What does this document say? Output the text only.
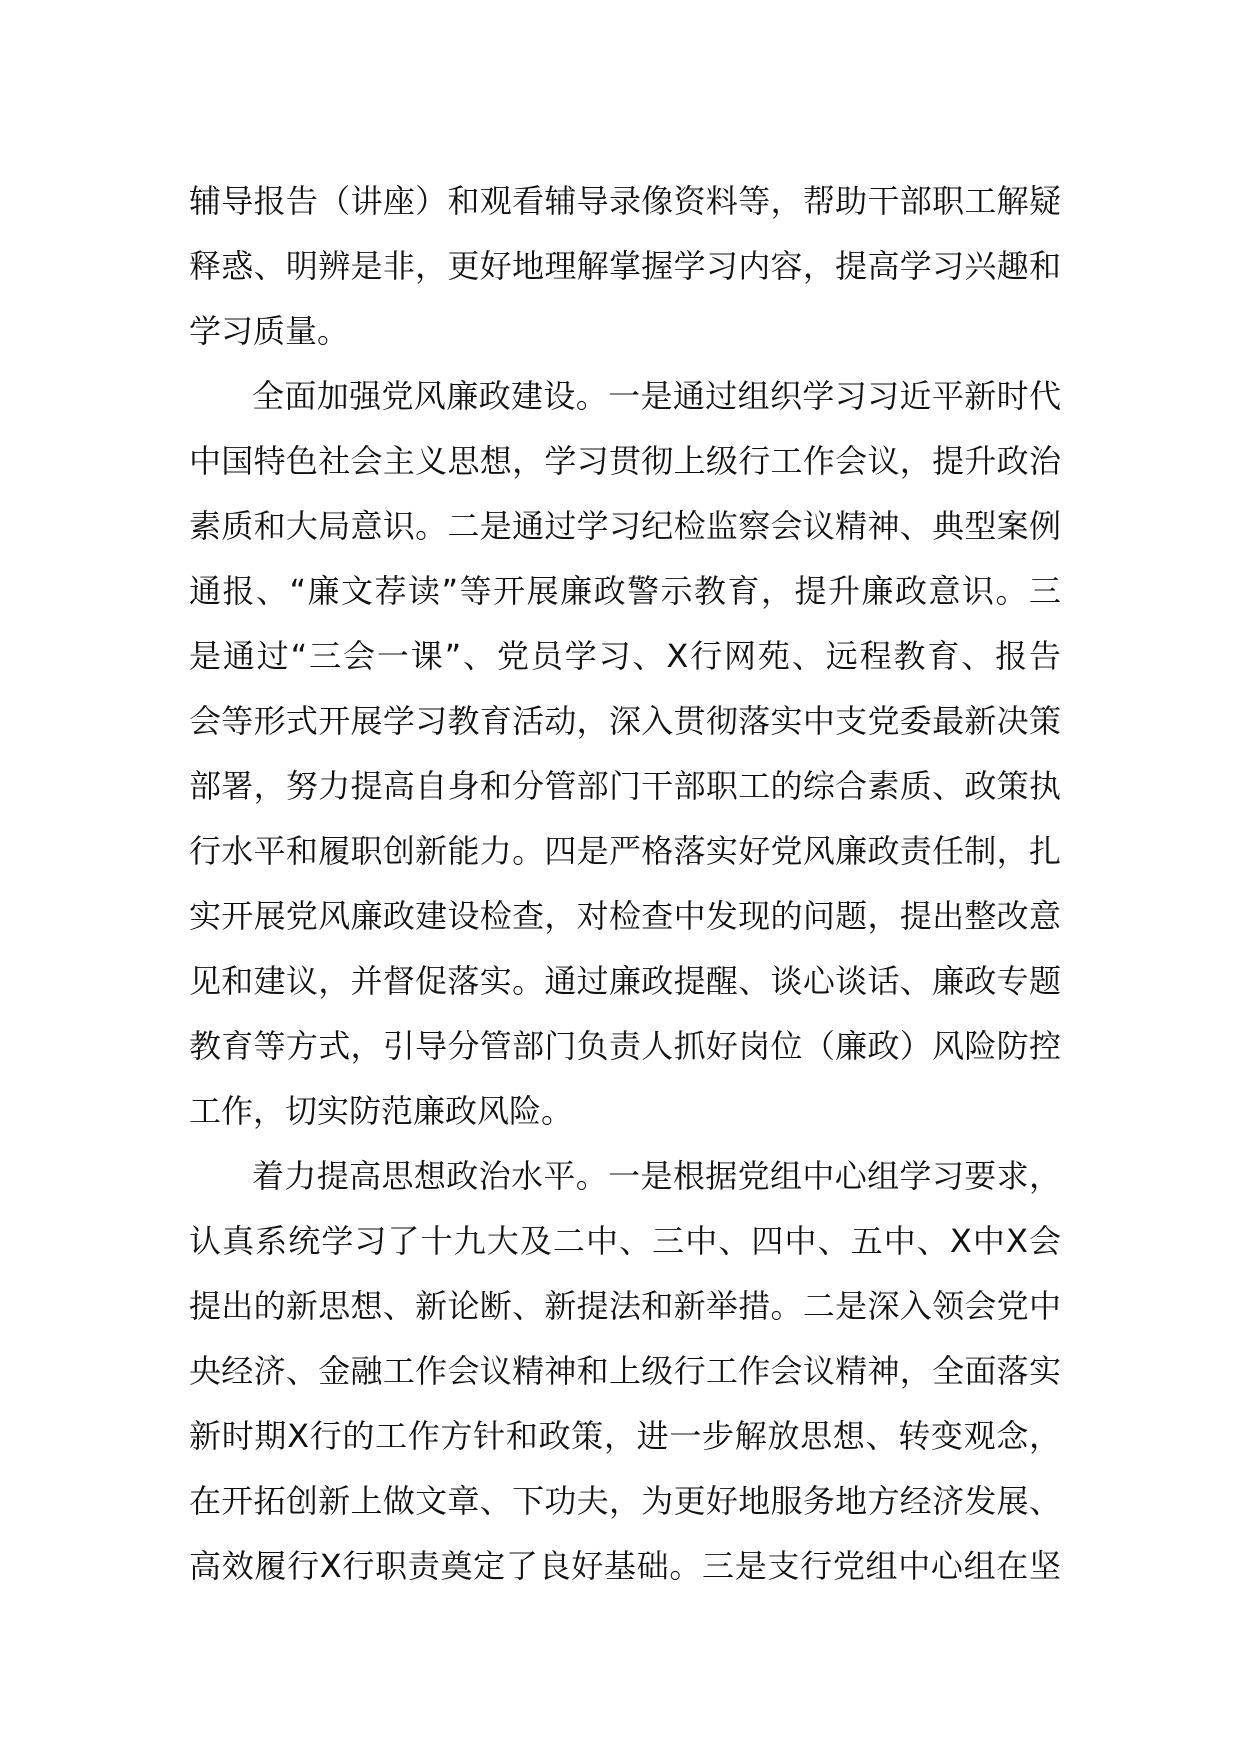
辅导报告（讲座）和观看辅导录像资料等，帮助干部职工解疑
释惑、明辨是非，更好地理解掌握学习内容，提高学习兴趣和
学习质量。
全面加强党风廉政建设。一是通过组织学习习近平新时代
中国特色社会主义思想，学习贯彻上级行工作会议，提升政治
素质和大局意识。二是通过学习纪检监察会议精神、典型案例
通报、“廉文荐读”等开展廉政警示教育，提升廉政意识。三
是通过“三会一课”、党员学习、X行网苑、远程教育、报告
会等形式开展学习教育活动，深入贯彻落实中支党委最新决策
部署，努力提高自身和分管部门干部职工的综合素质、政策执
行水平和履职创新能力。四是严格落实好党风廉政责任制，扎
实开展党风廉政建设检查，对检查中发现的问题，提出整改意
见和建议，并督促落实。通过廉政提醒、谈心谈话、廉政专题
教育等方式，引导分管部门负责人抓好岗位（廉政）风险防控
工作，切实防范廉政风险。
着力提高思想政治水平。一是根据党组中心组学习要求，
认真系统学习了十九大及二中、三中、四中、五中、X中X会
提出的新思想、新论断、新提法和新举措。二是深入领会党中
央经济、金融工作会议精神和上级行工作会议精神，全面落实
新时期X行的工作方针和政策，进一步解放思想、转变观念，
在开拓创新上做文章、下功夫，为更好地服务地方经济发展、
高效履行X行职责奠定了良好基础。三是支行党组中心组在坚
